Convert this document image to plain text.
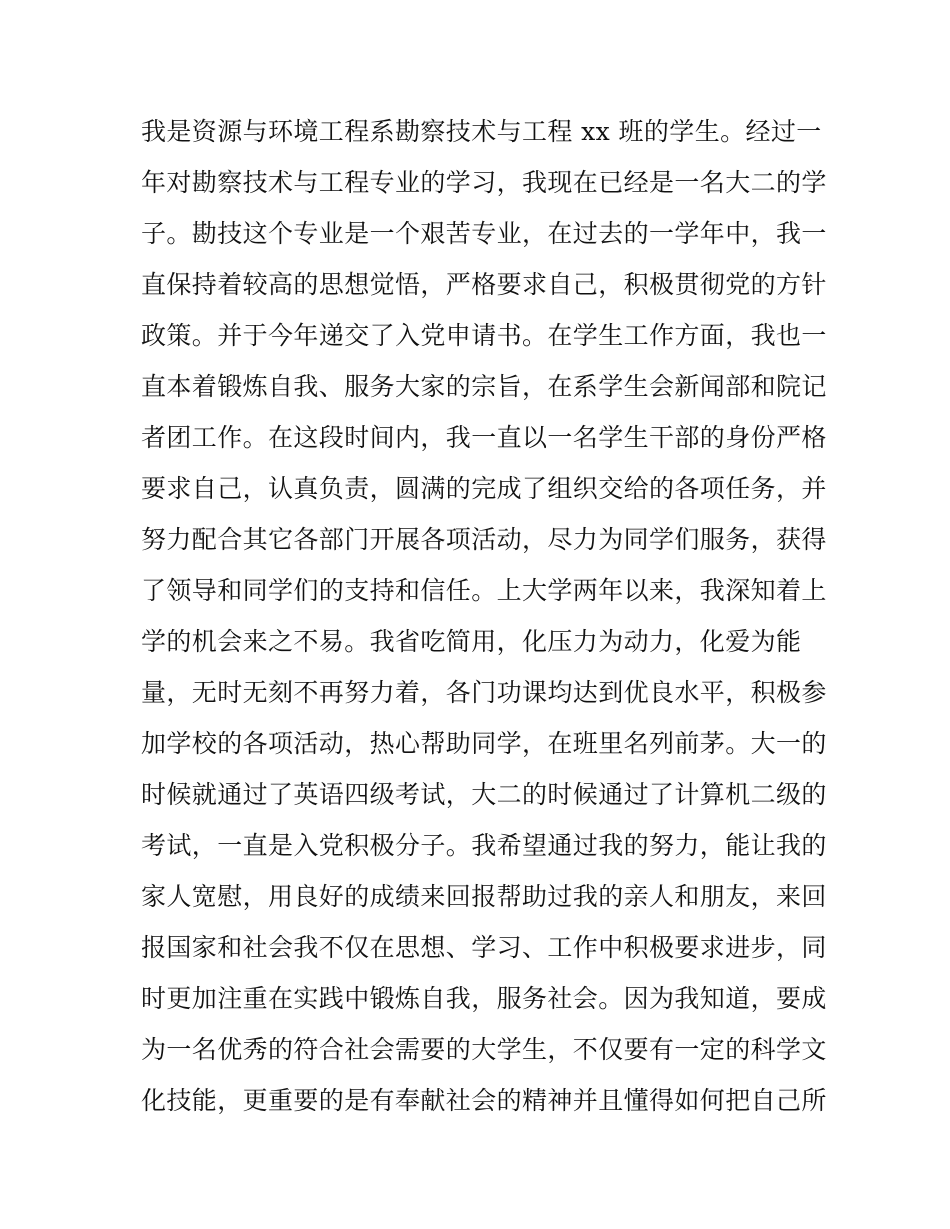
我是资源与环境工程系勘察技术与工程 xx 班的学生。经过一
年对勘察技术与工程专业的学习，我现在已经是一名大二的学
子。勘技这个专业是一个艰苦专业，在过去的一学年中，我一
直保持着较高的思想觉悟，严格要求自己，积极贯彻党的方针
政策。并于今年递交了入党申请书。在学生工作方面，我也一
直本着锻炼自我、服务大家的宗旨，在系学生会新闻部和院记
者团工作。在这段时间内，我一直以一名学生干部的身份严格
要求自己，认真负责，圆满的完成了组织交给的各项任务，并
努力配合其它各部门开展各项活动，尽力为同学们服务，获得
了领导和同学们的支持和信任。上大学两年以来，我深知着上
学的机会来之不易。我省吃简用，化压力为动力，化爱为能
量，无时无刻不再努力着，各门功课均达到优良水平，积极参
加学校的各项活动，热心帮助同学，在班里名列前茅。大一的
时候就通过了英语四级考试，大二的时候通过了计算机二级的
考试，一直是入党积极分子。我希望通过我的努力，能让我的
家人宽慰，用良好的成绩来回报帮助过我的亲人和朋友，来回
报国家和社会我不仅在思想、学习、工作中积极要求进步，同
时更加注重在实践中锻炼自我，服务社会。因为我知道，要成
为一名优秀的符合社会需要的大学生，不仅要有一定的科学文
化技能，更重要的是有奉献社会的精神并且懂得如何把自己所
